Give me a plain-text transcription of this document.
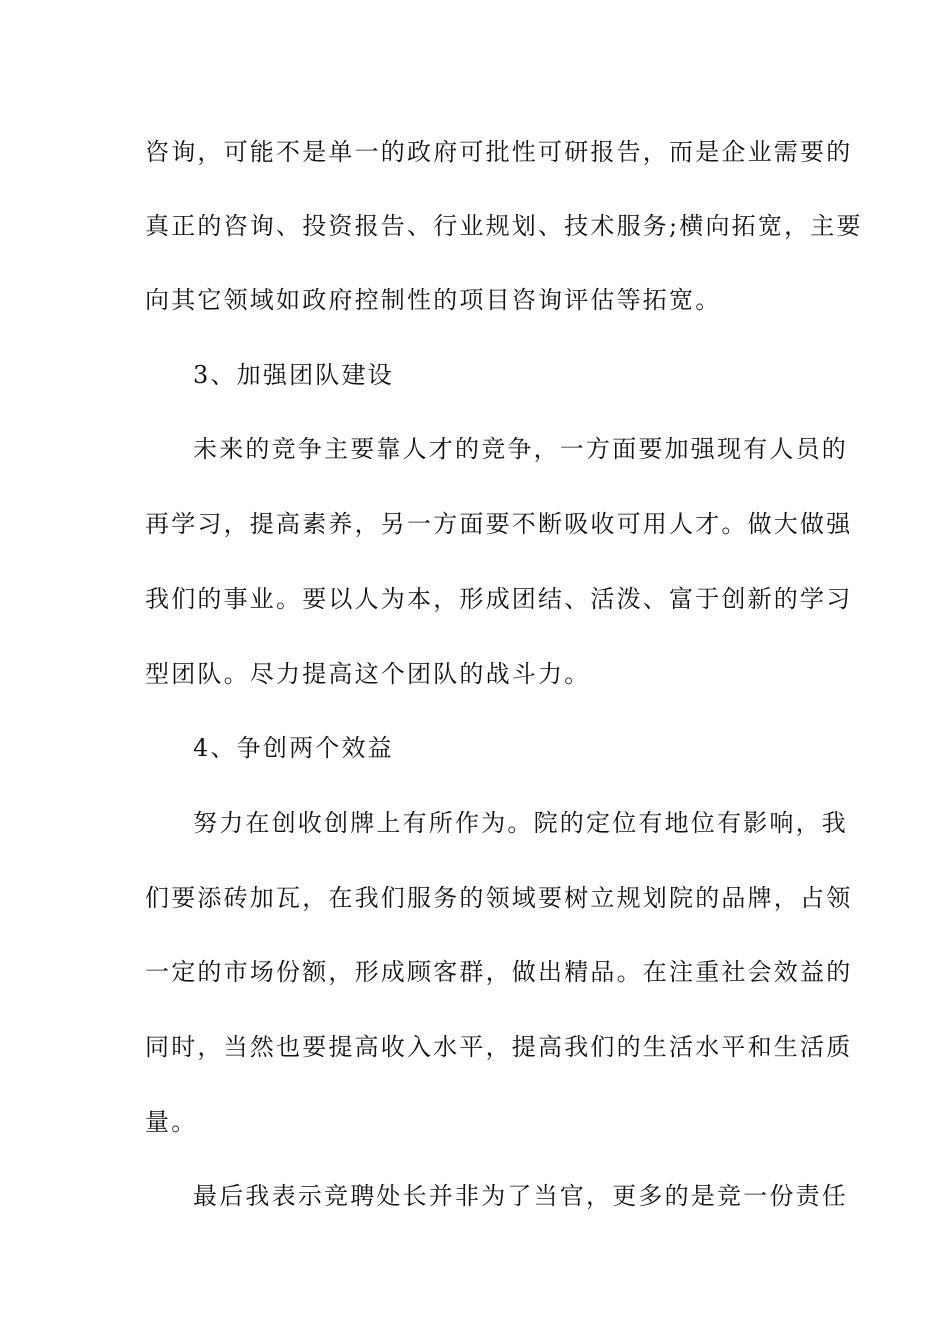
咨询，可能不是单一的政府可批性可研报告，而是企业需要的
真正的咨询、投资报告、行业规划、技术服务;横向拓宽，主要
向其它领域如政府控制性的项目咨询评估等拓宽。
3、加强团队建设
未来的竞争主要靠人才的竞争，一方面要加强现有人员的
再学习，提高素养，另一方面要不断吸收可用人才。做大做强
我们的事业。要以人为本，形成团结、活泼、富于创新的学习
型团队。尽力提高这个团队的战斗力。
4、争创两个效益
努力在创收创牌上有所作为。院的定位有地位有影响，我
们要添砖加瓦，在我们服务的领域要树立规划院的品牌，占领
一定的市场份额，形成顾客群，做出精品。在注重社会效益的
同时，当然也要提高收入水平，提高我们的生活水平和生活质
量。
最后我表示竞聘处长并非为了当官，更多的是竞一份责任
